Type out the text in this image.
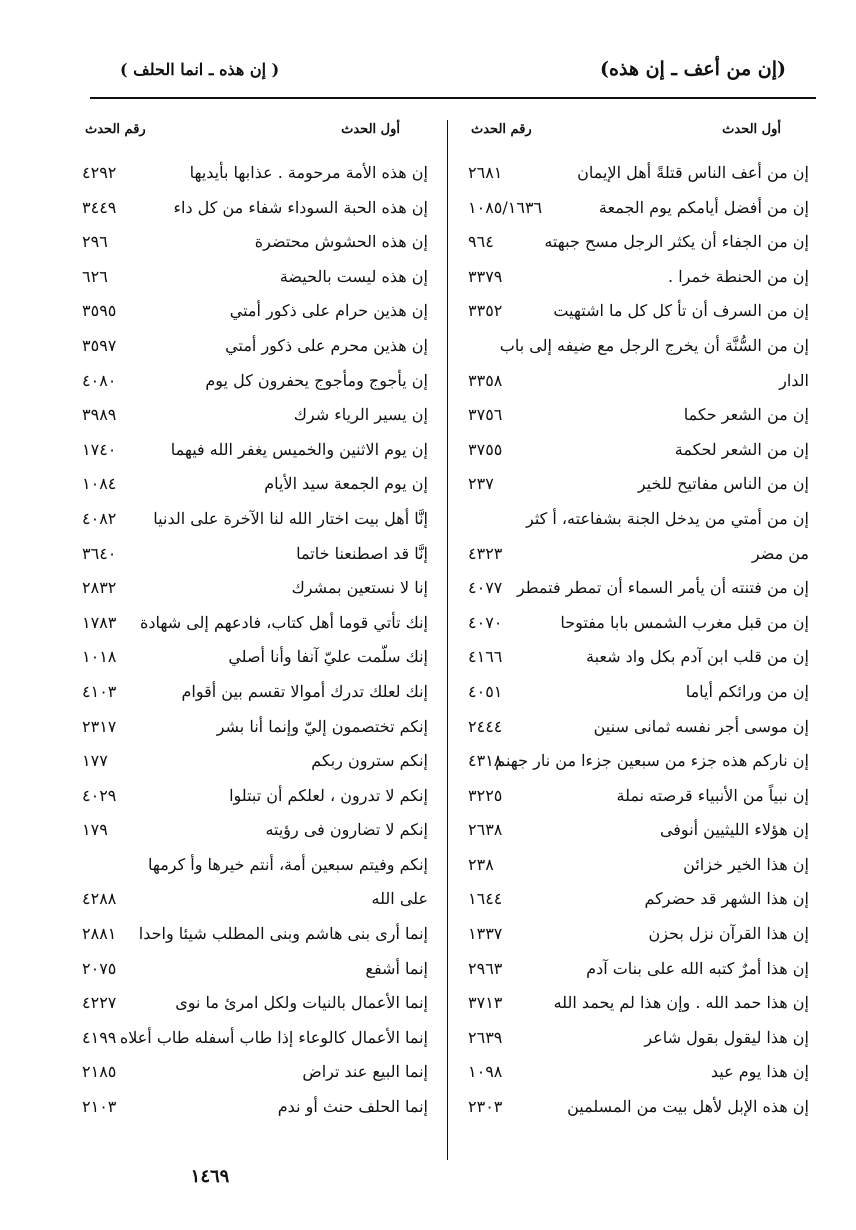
(إن من أعف ـ إن هذه)
( إن هذه ـ انما الحلف )
أول الحدث
رقم الحدث
إن من أعف الناس قتلةً أهل الإيمان
٢٦٨١
إن من أفضل أيامكم يوم الجمعة
١٠٨٥/١٦٣٦
إن من الجفاء أن يكثر الرجل مسح جبهته
٩٦٤
إن من الحنطة خمرا .
٣٣٧٩
إن من السرف أن تأ كل كل ما اشتهيت
٣٣٥٢
إن من السُّنَّة أن يخرج الرجل مع ضيفه إلى باب
الدار
٣٣٥٨
إن من الشعر حكما
٣٧٥٦
إن من الشعر لحكمة
٣٧٥٥
إن من الناس مفاتيح للخير
٢٣٧
إن من أمتي من يدخل الجنة بشفاعته، أ كثر
من مضر
٤٣٢٣
إن من فتنته أن يأمر السماء أن تمطر فتمطر
٤٠٧٧
إن من قبل مغرب الشمس بابا مفتوحا
٤٠٧٠
إن من قلب ابن آدم بكل واد شعبة
٤١٦٦
إن من ورائكم أياما
٤٠٥١
إن موسى أجر نفسه ثمانى سنين
٢٤٤٤
إن ناركم هذه جزء من سبعين جزءا من نار جهنم
٤٣١٨
إن نبياً من الأنبياء قرصته نملة
٣٢٢٥
إن هؤلاء الليثيين أنوفى
٢٦٣٨
إن هذا الخير خزائن
٢٣٨
إن هذا الشهر قد حضركم
١٦٤٤
إن هذا القرآن نزل بحزن
١٣٣٧
إن هذا أمرٌ كتبه الله على بنات آدم
٢٩٦٣
إن هذا حمد الله . وإن هذا لم يحمد الله
٣٧١٣
إن هذا ليقول بقول شاعر
٢٦٣٩
إن هذا يوم عيد
١٠٩٨
إن هذه الإبل لأهل بيت من المسلمين
٢٣٠٣
أول الحدث
رقم الحدث
إن هذه الأمة مرحومة . عذابها بأيديها
٤٢٩٢
إن هذه الحبة السوداء شفاء من كل داء
٣٤٤٩
إن هذه الحشوش محتضرة
٢٩٦
إن هذه ليست بالحيضة
٦٢٦
إن هذين حرام على ذكور أمتي
٣٥٩٥
إن هذين محرم على ذكور أمتي
٣٥٩٧
إن يأجوج ومأجوج يحفرون كل يوم
٤٠٨٠
إن يسير الرياء شرك
٣٩٨٩
إن يوم الاثنين والخميس يغفر الله فيهما
١٧٤٠
إن يوم الجمعة سيد الأيام
١٠٨٤
إنَّا أهل بيت اختار الله لنا الآخرة على الدنيا
٤٠٨٢
إنَّا قد اصطنعنا خاتما
٣٦٤٠
إنا لا نستعين بمشرك
٢٨٣٢
إنك تأتي قوما أهل كتاب، فادعهم إلى شهادة
١٧٨٣
إنك سلّمت عليّ آنفا وأنا أصلي
١٠١٨
إنك لعلك تدرك أموالا تقسم بين أقوام
٤١٠٣
إنكم تختصمون إليّ وإنما أنا بشر
٢٣١٧
إنكم سترون ربكم
١٧٧
إنكم لا تدرون ، لعلكم أن تبتلوا
٤٠٢٩
إنكم لا تضارون فى رؤيته
١٧٩
إنكم وفيتم سبعين أمة، أنتم خيرها وأ كرمها
على الله
٤٢٨٨
إنما أرى بنى هاشم وبنى المطلب شيئا واحدا
٢٨٨١
إنما أشفع
٢٠٧٥
إنما الأعمال بالنيات ولكل امرئ ما نوى
٤٢٢٧
إنما الأعمال كالوعاء إذا طاب أسفله طاب أعلاه
٤١٩٩
إنما البيع عند تراض
٢١٨٥
إنما الحلف حنث أو ندم
٢١٠٣
١٤٦٩
